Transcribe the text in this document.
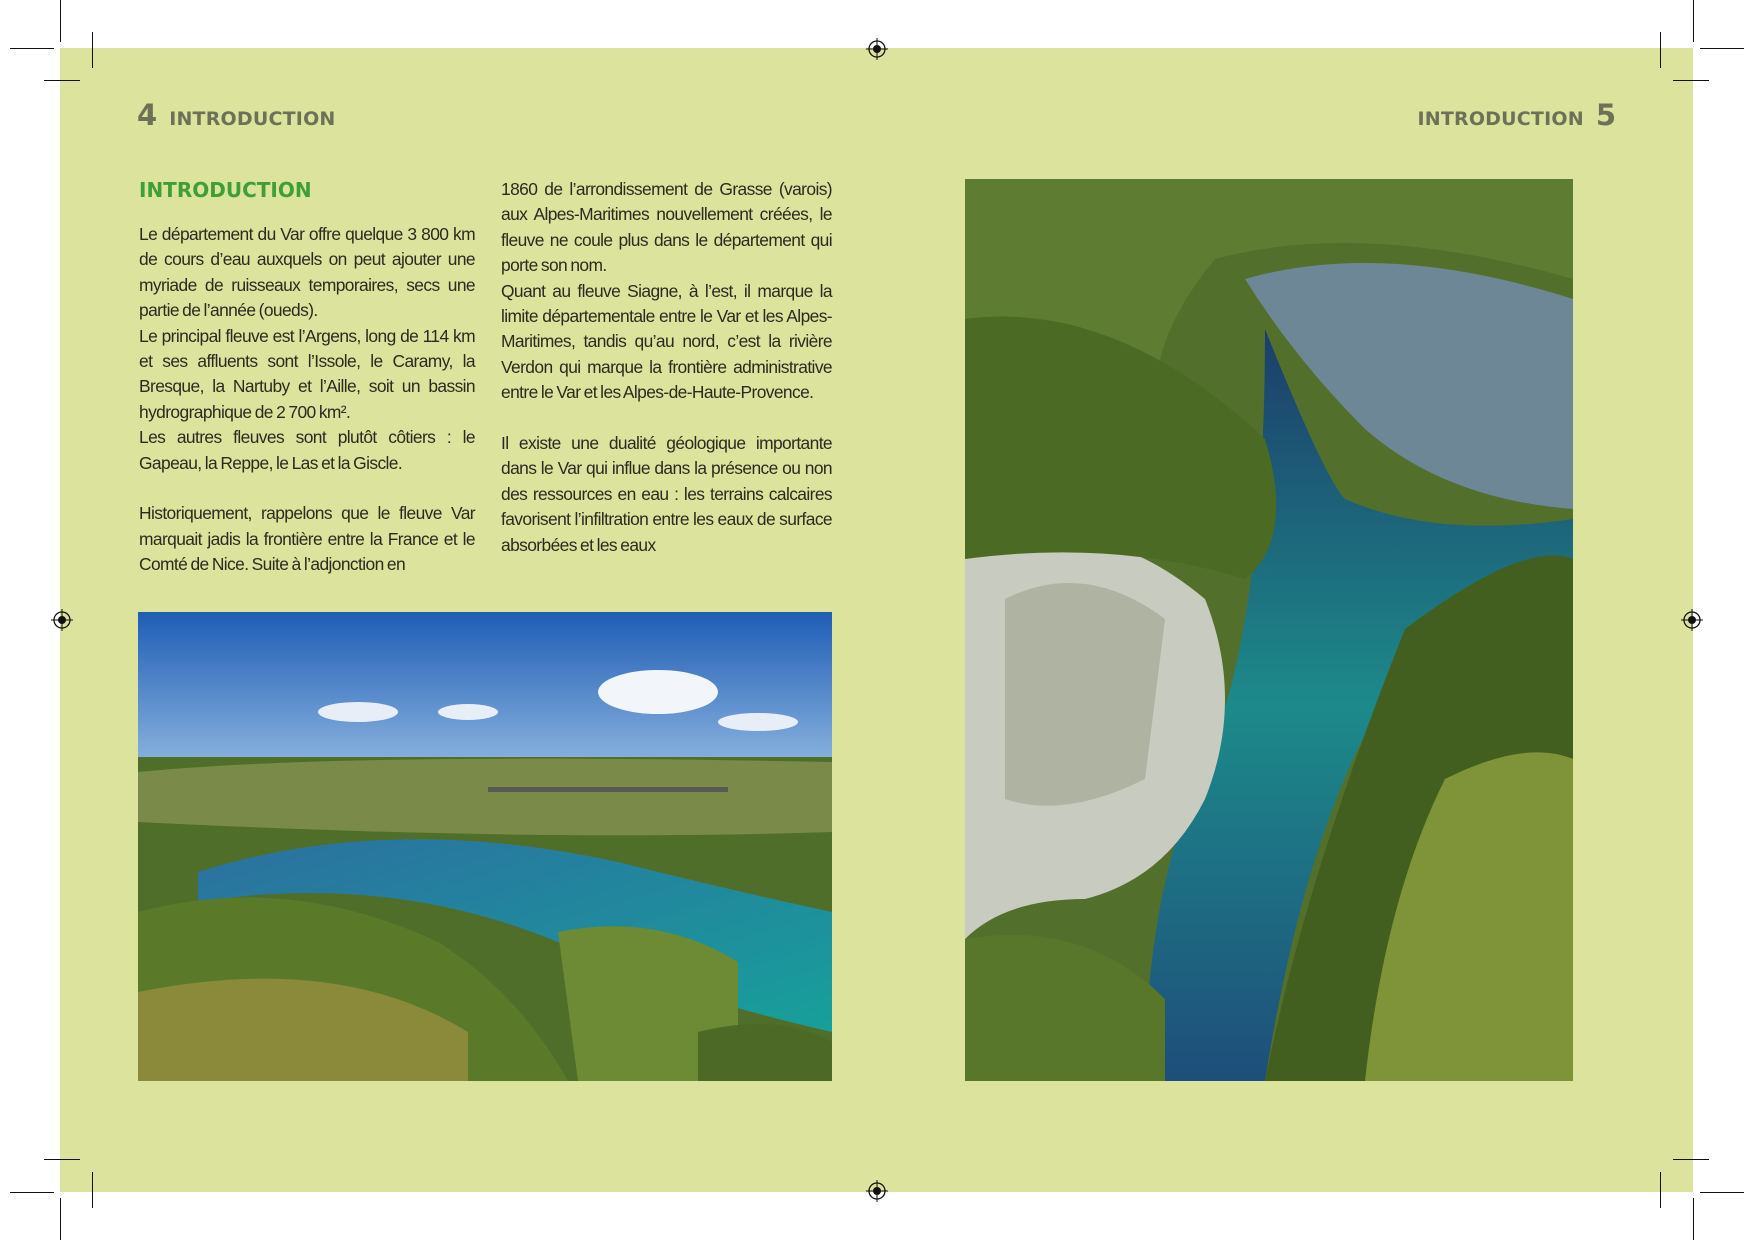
4 INTRODUCTION	INTRODUCTION 5
INTRODUCTION

Le département du Var offre quelque 3 800 km de cours d’eau auxquels on peut ajouter une myriade de ruisseaux temporaires, secs une partie de l’année (oueds).

Le principal fleuve est l’Argens, long de 114 km et ses affluents sont l’Issole, le Caramy, la Bresque, la Nartuby et l’Aille, soit un bassin hydrographique de 2 700 km².

Les autres fleuves sont plutôt côtiers : le Gapeau, la Reppe, le Las et la Giscle.

Historiquement, rappelons que le fleuve Var marquait jadis la frontière entre la France et le Comté de Nice. Suite à l’adjonction en

1860 de l’arrondissement de Grasse (varois) aux Alpes-Maritimes nouvellement créées, le fleuve ne coule plus dans le département qui porte son nom.

Quant au fleuve Siagne, à l’est, il marque la limite départementale entre le Var et les Alpes-Maritimes, tandis qu’au nord, c’est la rivière Verdon qui marque la frontière administrative entre le Var et les Alpes-de-Haute-Provence.

Il existe une dualité géologique importante dans le Var qui influe dans la présence ou non des ressources en eau : les terrains calcaires favorisent l’infiltration entre les eaux de surface absorbées et les eaux
